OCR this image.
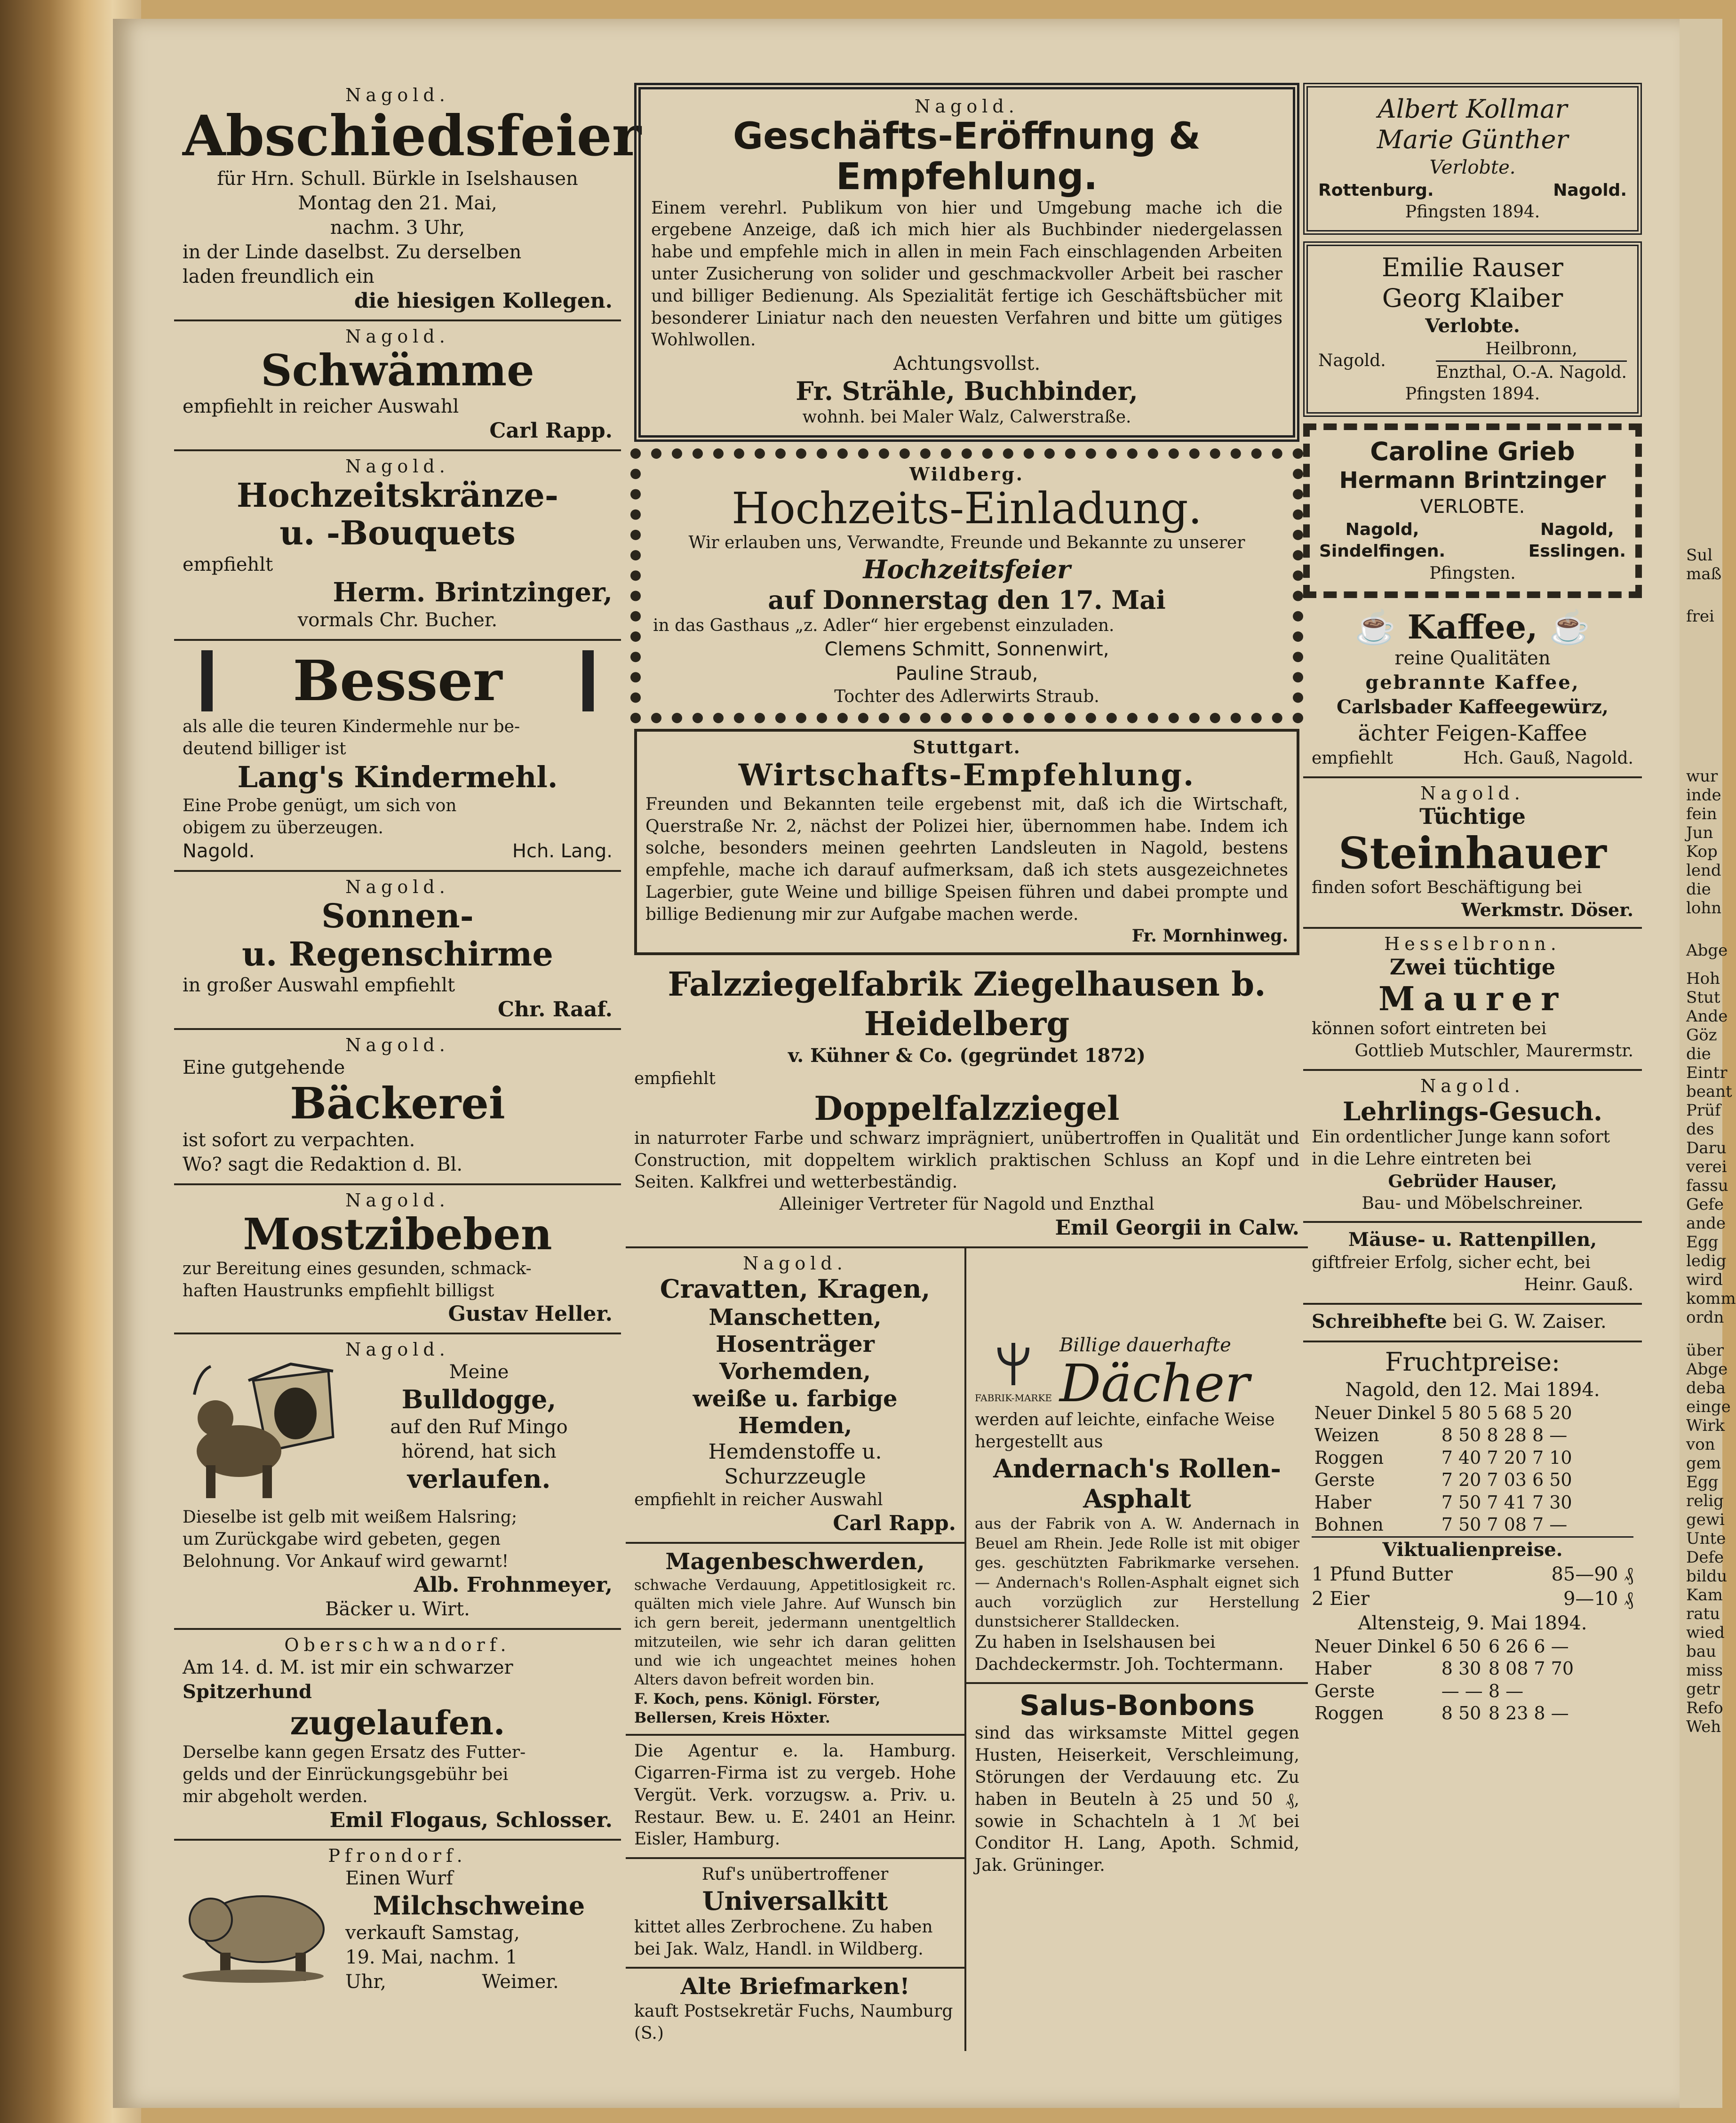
Sul
maß
frei
wur
inde
fein
Jun
Kop
lend
die
lohn
Abge
Hoh
Stut
Ande
Göz
die
Eintr
beant
Prüf
des
Daru
verei
fassu
Gefe
ande
Egg
ledig
wird
komm
ordn
über
Abge
deba
einge
Wirk
von
gem
Egg
relig
gewi
Unte
Defe
bildu
Kam
ratu
wied
bau
miss
getr
Refo
Weh
Nagold.
Abschiedsfeier
für Hrn. Schull. Bürkle in Iselshausen
Montag den 21. Mai,
nachm. 3 Uhr,
in der Linde daselbst. Zu derselben
laden freundlich ein
die hiesigen Kollegen.
Nagold.
Schwämme
empfiehlt in reicher Auswahl
Carl Rapp.
Nagold.
Hochzeitskränze-
u. -Bouquets
empfiehlt
Herm. Brintzinger,
vormals Chr. Bucher.
Besser
als alle die teuren Kindermehle nur be-
deutend billiger ist
Lang's Kindermehl.
Eine Probe genügt, um sich von
obigem zu überzeugen.
Nagold.	Hch. Lang.
Nagold.
Sonnen-
u. Regenschirme
in großer Auswahl empfiehlt
Chr. Raaf.
Nagold.
Eine gutgehende
Bäckerei
ist sofort zu verpachten.
Wo? sagt die Redaktion d. Bl.
Nagold.
Mostzibeben
zur Bereitung eines gesunden, schmack-
haften Haustrunks empfiehlt billigst
Gustav Heller.
Nagold.
Meine
Bulldogge,
auf den Ruf Mingo
hörend, hat sich
verlaufen.
Dieselbe ist gelb mit weißem Halsring;
um Zurückgabe wird gebeten, gegen
Belohnung. Vor Ankauf wird gewarnt!
Alb. Frohnmeyer,
Bäcker u. Wirt.
Oberschwandorf.
Am 14. d. M. ist mir ein schwarzer
Spitzerhund
zugelaufen.
Derselbe kann gegen Ersatz des Futter-
gelds und der Einrückungsgebühr bei
mir abgeholt werden.
Emil Flogaus, Schlosser.
Pfrondorf.
Einen Wurf
Milchschweine
verkauft Samstag,
19. Mai, nachm. 1
Uhr,                Weimer.
Nagold.
Geschäfts-Eröffnung & Empfehlung.
Einem verehrl. Publikum von hier und Umgebung mache ich die ergebene Anzeige, daß ich mich hier als Buchbinder niedergelassen habe und empfehle mich in allen in mein Fach einschlagenden Arbeiten unter Zusicherung von solider und geschmackvoller Arbeit bei rascher und billiger Bedienung. Als Spezialität fertige ich Geschäftsbücher mit besonderer Liniatur nach den neuesten Verfahren und bitte um gütiges Wohlwollen.
Achtungsvollst.
Fr. Strähle, Buchbinder,
wohnh. bei Maler Walz, Calwerstraße.
Wildberg.
Hochzeits-Einladung.
Wir erlauben uns, Verwandte, Freunde und Bekannte zu unserer
Hochzeitsfeier
auf Donnerstag den 17. Mai
in das Gasthaus „z. Adler“ hier ergebenst einzuladen.
Clemens Schmitt, Sonnenwirt,
Pauline Straub,
Tochter des Adlerwirts Straub.
Stuttgart.
Wirtschafts-Empfehlung.
Freunden und Bekannten teile ergebenst mit, daß ich die Wirtschaft, Querstraße Nr. 2, nächst der Polizei hier, übernommen habe. Indem ich solche, besonders meinen geehrten Landsleuten in Nagold, bestens empfehle, mache ich darauf aufmerksam, daß ich stets ausgezeichnetes Lagerbier, gute Weine und billige Speisen führen und dabei prompte und billige Bedienung mir zur Aufgabe machen werde.
Fr. Mornhinweg.
Falzziegelfabrik Ziegelhausen b. Heidelberg
v. Kühner & Co. (gegründet 1872)
empfiehlt
Doppelfalzziegel
in naturroter Farbe und schwarz imprägniert, unübertroffen in Qualität und Construction, mit doppeltem wirklich praktischen Schluss an Kopf und Seiten. Kalkfrei und wetterbeständig.
Alleiniger Vertreter für Nagold und Enzthal
Emil Georgii in Calw.
Nagold.
Cravatten, Kragen,
Manschetten, Hosenträger
Vorhemden,
weiße u. farbige Hemden,
Hemdenstoffe u. Schurzzeugle
empfiehlt in reicher Auswahl
Carl Rapp.
Magenbeschwerden,
schwache Verdauung, Appetitlosigkeit rc. quälten mich viele Jahre. Auf Wunsch bin ich gern bereit, jedermann unentgeltlich mitzuteilen, wie sehr ich daran gelitten und wie ich ungeachtet meines hohen Alters davon befreit worden bin.
F. Koch, pens. Königl. Förster, Bellersen, Kreis Höxter.
Die Agentur e. la. Hamburg. Cigarren-Firma ist zu vergeb. Hohe Vergüt. Verk. vorzugsw. a. Priv. u. Restaur. Bew. u. E. 2401 an Heinr. Eisler, Hamburg.
Ruf's unübertroffener
Universalkitt
kittet alles Zerbrochene. Zu haben bei Jak. Walz, Handl. in Wildberg.
Alte Briefmarken!
kauft Postsekretär Fuchs, Naumburg (S.)
FABRIK-MARKE
Billige dauerhafte
Dächer
werden auf leichte, einfache Weise hergestellt aus
Andernach's Rollen-Asphalt
aus der Fabrik von A. W. Andernach in Beuel am Rhein. Jede Rolle ist mit obiger ges. geschützten Fabrikmarke versehen. — Andernach's Rollen-Asphalt eignet sich auch vorzüglich zur Herstellung dunstsicherer Stalldecken.
Zu haben in Iselshausen bei Dachdeckermstr. Joh. Tochtermann.
Salus-Bonbons
sind das wirksamste Mittel gegen Husten, Heiserkeit, Verschleimung, Störungen der Verdauung etc. Zu haben in Beuteln à 25 und 50 ₰, sowie in Schachteln à 1 ℳ bei Conditor H. Lang, Apoth. Schmid, Jak. Grüninger.
Albert Kollmar
Marie Günther
Verlobte.
Rottenburg.	Nagold.
Pfingsten 1894.
Emilie Rauser
Georg Klaiber
Verlobte.
Nagold.
Heilbronn,
Enzthal, O.-A. Nagold.
Pfingsten 1894.
Caroline Grieb
Hermann Brintzinger
VERLOBTE.
Nagold,
Sindelfingen.
Nagold,
Esslingen.
Pfingsten.
☕ Kaffee, ☕
reine Qualitäten
gebrannte Kaffee,
Carlsbader Kaffeegewürz,
ächter Feigen-Kaffee
empfiehlt	Hch. Gauß, Nagold.
Nagold.
Tüchtige
Steinhauer
finden sofort Beschäftigung bei
Werkmstr. Döser.
Hesselbronn.
Zwei tüchtige
Maurer
können sofort eintreten bei
Gottlieb Mutschler, Maurermstr.
Nagold.
Lehrlings-Gesuch.
Ein ordentlicher Junge kann sofort
in die Lehre eintreten bei
Gebrüder Hauser,
Bau- und Möbelschreiner.
Mäuse- u. Rattenpillen,
giftfreier Erfolg, sicher echt, bei
Heinr. Gauß.
Schreibhefte bei G. W. Zaiser.
Fruchtpreise:
Nagold, den 12. Mai 1894.
Neuer Dinkel	5 80	5 68	5 20
Weizen	8 50	8 28	8 —
Roggen	7 40	7 20	7 10
Gerste	7 20	7 03	6 50
Haber	7 50	7 41	7 30
Bohnen	7 50	7 08	7 —
Viktualienpreise.
1 Pfund Butter	85—90 ₰
2 Eier	9—10 ₰
Altensteig, 9. Mai 1894.
Neuer Dinkel	6 50	6 26	6 —
Haber	8 30	8 08	7 70
Gerste	— —	8 —	
Roggen	8 50	8 23	8 —
